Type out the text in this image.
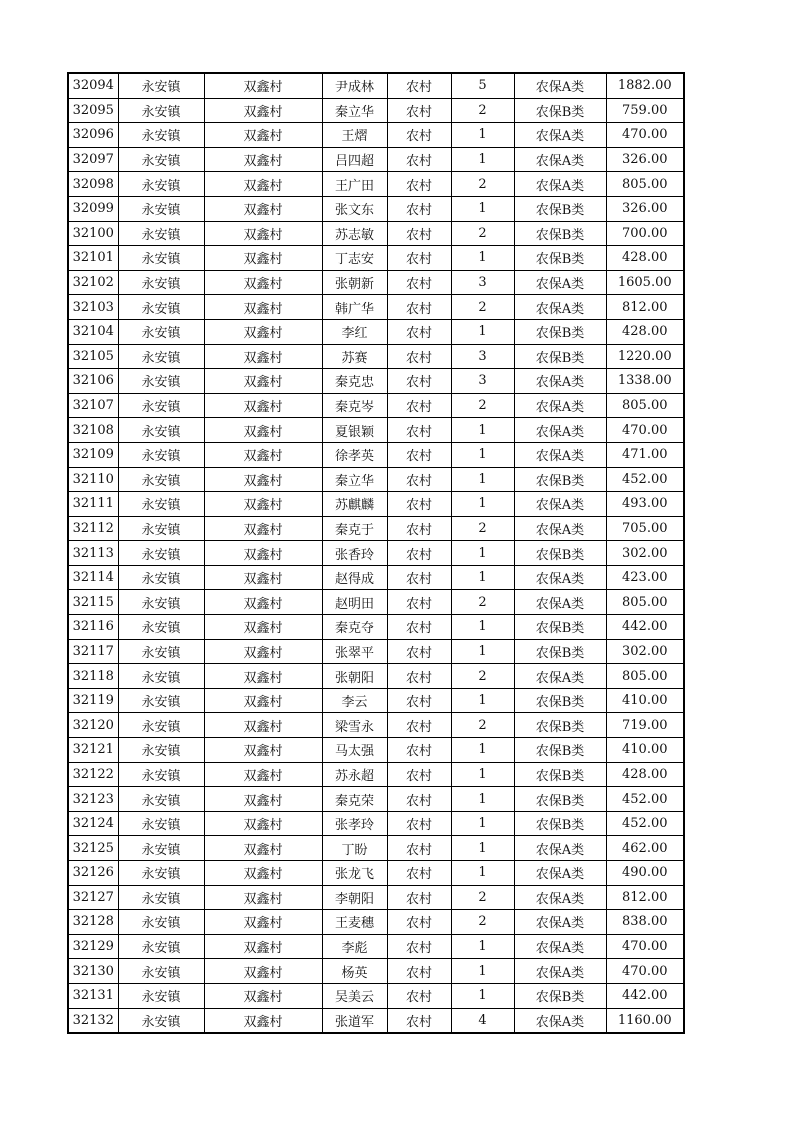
32094	永安镇	双鑫村	尹成林	农村	5	农保A类	1882.00
32095	永安镇	双鑫村	秦立华	农村	2	农保B类	759.00
32096	永安镇	双鑫村	王熠	农村	1	农保A类	470.00
32097	永安镇	双鑫村	吕四超	农村	1	农保A类	326.00
32098	永安镇	双鑫村	王广田	农村	2	农保A类	805.00
32099	永安镇	双鑫村	张文东	农村	1	农保B类	326.00
32100	永安镇	双鑫村	苏志敏	农村	2	农保B类	700.00
32101	永安镇	双鑫村	丁志安	农村	1	农保B类	428.00
32102	永安镇	双鑫村	张朝新	农村	3	农保A类	1605.00
32103	永安镇	双鑫村	韩广华	农村	2	农保A类	812.00
32104	永安镇	双鑫村	李红	农村	1	农保B类	428.00
32105	永安镇	双鑫村	苏赛	农村	3	农保B类	1220.00
32106	永安镇	双鑫村	秦克忠	农村	3	农保A类	1338.00
32107	永安镇	双鑫村	秦克岑	农村	2	农保A类	805.00
32108	永安镇	双鑫村	夏银颖	农村	1	农保A类	470.00
32109	永安镇	双鑫村	徐孝英	农村	1	农保A类	471.00
32110	永安镇	双鑫村	秦立华	农村	1	农保B类	452.00
32111	永安镇	双鑫村	苏麒麟	农村	1	农保A类	493.00
32112	永安镇	双鑫村	秦克于	农村	2	农保A类	705.00
32113	永安镇	双鑫村	张香玲	农村	1	农保B类	302.00
32114	永安镇	双鑫村	赵得成	农村	1	农保A类	423.00
32115	永安镇	双鑫村	赵明田	农村	2	农保A类	805.00
32116	永安镇	双鑫村	秦克夺	农村	1	农保B类	442.00
32117	永安镇	双鑫村	张翠平	农村	1	农保B类	302.00
32118	永安镇	双鑫村	张朝阳	农村	2	农保A类	805.00
32119	永安镇	双鑫村	李云	农村	1	农保B类	410.00
32120	永安镇	双鑫村	梁雪永	农村	2	农保B类	719.00
32121	永安镇	双鑫村	马太强	农村	1	农保B类	410.00
32122	永安镇	双鑫村	苏永超	农村	1	农保B类	428.00
32123	永安镇	双鑫村	秦克荣	农村	1	农保B类	452.00
32124	永安镇	双鑫村	张孝玲	农村	1	农保B类	452.00
32125	永安镇	双鑫村	丁盼	农村	1	农保A类	462.00
32126	永安镇	双鑫村	张龙飞	农村	1	农保A类	490.00
32127	永安镇	双鑫村	李朝阳	农村	2	农保A类	812.00
32128	永安镇	双鑫村	王麦穗	农村	2	农保A类	838.00
32129	永安镇	双鑫村	李彪	农村	1	农保A类	470.00
32130	永安镇	双鑫村	杨英	农村	1	农保A类	470.00
32131	永安镇	双鑫村	吴美云	农村	1	农保B类	442.00
32132	永安镇	双鑫村	张道军	农村	4	农保A类	1160.00
